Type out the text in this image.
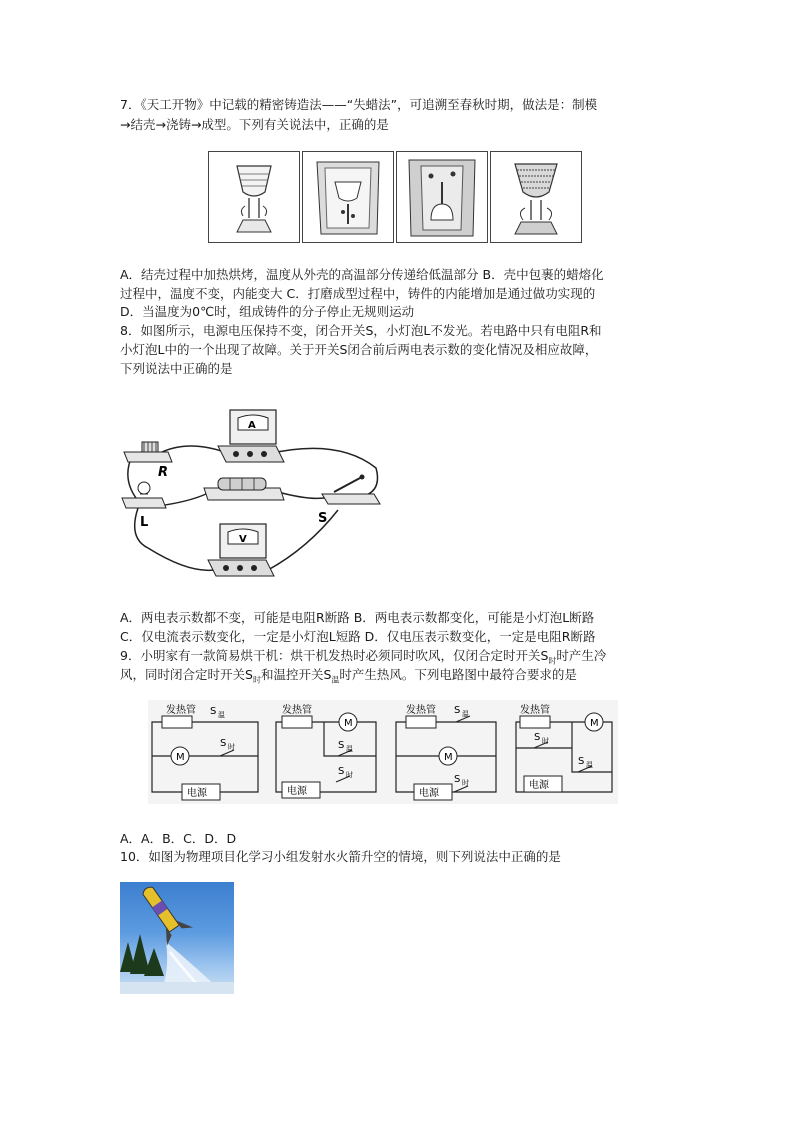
7．《天工开物》中记载的精密铸造法——“失蜡法”，可追溯至春秋时期，做法是：制模
→结壳→浇铸→成型。下列有关说法中，正确的是
A．结壳过程中加热烘烤，温度从外壳的高温部分传递给低温部分 B．壳中包裹的蜡熔化
过程中，温度不变，内能变大 C．打磨成型过程中，铸件的内能增加是通过做功实现的
D．当温度为0℃时，组成铸件的分子停止无规则运动
8．如图所示，电源电压保持不变，闭合开关S，小灯泡L不发光。若电路中只有电阻R和
小灯泡L中的一个出现了故障。关于开关S闭合前后两电表示数的变化情况及相应故障，
下列说法中正确的是
R
A
L	S
V
A．两电表示数都不变，可能是电阻R断路 B．两电表示数都变化，可能是小灯泡L断路
C．仅电流表示数变化，一定是小灯泡L短路 D．仅电压表示数变化，一定是电阻R断路
9．小明家有一款简易烘干机：烘干机发热时必须同时吹风，仅闭合定时开关$S_时$时产生冷
风，同时闭合定时开关$S_时$和温控开关$S_温$时产生热风。下列电路图中最符合要求的是
M
电源
发热管 S 温
S 时
M
电源
发热管
S 温
S 时
M
电源
发热管 S 温
S 时
M
电源
发热管
S 时
S 温
A．A．B．C．D．D
10．如图为物理项目化学习小组发射水火箭升空的情境，则下列说法中正确的是
